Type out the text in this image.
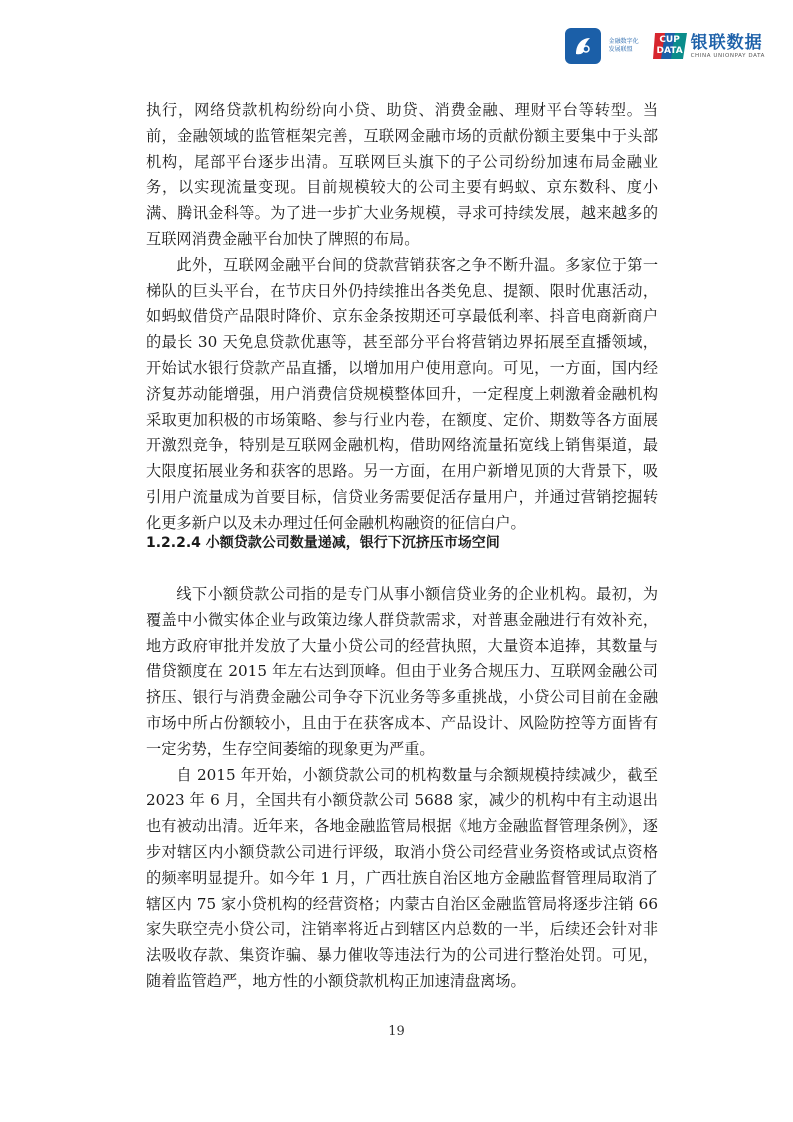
金融数字化
发展联盟
CUP
DATA 银联数据
CHINA UNIONPAY DATA

执行，网络贷款机构纷纷向小贷、助贷、消费金融、理财平台等转型。当前，金融领域的监管框架完善，互联网金融市场的贡献份额主要集中于头部机构，尾部平台逐步出清。互联网巨头旗下的子公司纷纷加速布局金融业务，以实现流量变现。目前规模较大的公司主要有蚂蚁、京东数科、度小满、腾讯金科等。为了进一步扩大业务规模，寻求可持续发展，越来越多的互联网消费金融平台加快了牌照的布局。

此外，互联网金融平台间的贷款营销获客之争不断升温。多家位于第一梯队的巨头平台，在节庆日外仍持续推出各类免息、提额、限时优惠活动，如蚂蚁借贷产品限时降价、京东金条按期还可享最低利率、抖音电商新商户的最长 30 天免息贷款优惠等，甚至部分平台将营销边界拓展至直播领域，开始试水银行贷款产品直播，以增加用户使用意向。可见，一方面，国内经济复苏动能增强，用户消费信贷规模整体回升，一定程度上刺激着金融机构采取更加积极的市场策略、参与行业内卷，在额度、定价、期数等各方面展开激烈竞争，特别是互联网金融机构，借助网络流量拓宽线上销售渠道，最大限度拓展业务和获客的思路。另一方面，在用户新增见顶的大背景下，吸引用户流量成为首要目标，信贷业务需要促活存量用户，并通过营销挖掘转化更多新户以及未办理过任何金融机构融资的征信白户。

1.2.2.4 小额贷款公司数量递减，银行下沉挤压市场空间

线下小额贷款公司指的是专门从事小额信贷业务的企业机构。最初，为覆盖中小微实体企业与政策边缘人群贷款需求，对普惠金融进行有效补充，地方政府审批并发放了大量小贷公司的经营执照，大量资本追捧，其数量与借贷额度在 2015 年左右达到顶峰。但由于业务合规压力、互联网金融公司挤压、银行与消费金融公司争夺下沉业务等多重挑战，小贷公司目前在金融市场中所占份额较小，且由于在获客成本、产品设计、风险防控等方面皆有一定劣势，生存空间萎缩的现象更为严重。

自 2015 年开始，小额贷款公司的机构数量与余额规模持续减少，截至 2023 年 6 月，全国共有小额贷款公司 5688 家，减少的机构中有主动退出也有被动出清。近年来，各地金融监管局根据《地方金融监督管理条例》，逐步对辖区内小额贷款公司进行评级，取消小贷公司经营业务资格或试点资格的频率明显提升。如今年 1 月，广西壮族自治区地方金融监督管理局取消了辖区内 75 家小贷机构的经营资格；内蒙古自治区金融监管局将逐步注销 66 家失联空壳小贷公司，注销率将近占到辖区内总数的一半，后续还会针对非法吸收存款、集资诈骗、暴力催收等违法行为的公司进行整治处罚。可见，随着监管趋严，地方性的小额贷款机构正加速清盘离场。

19
